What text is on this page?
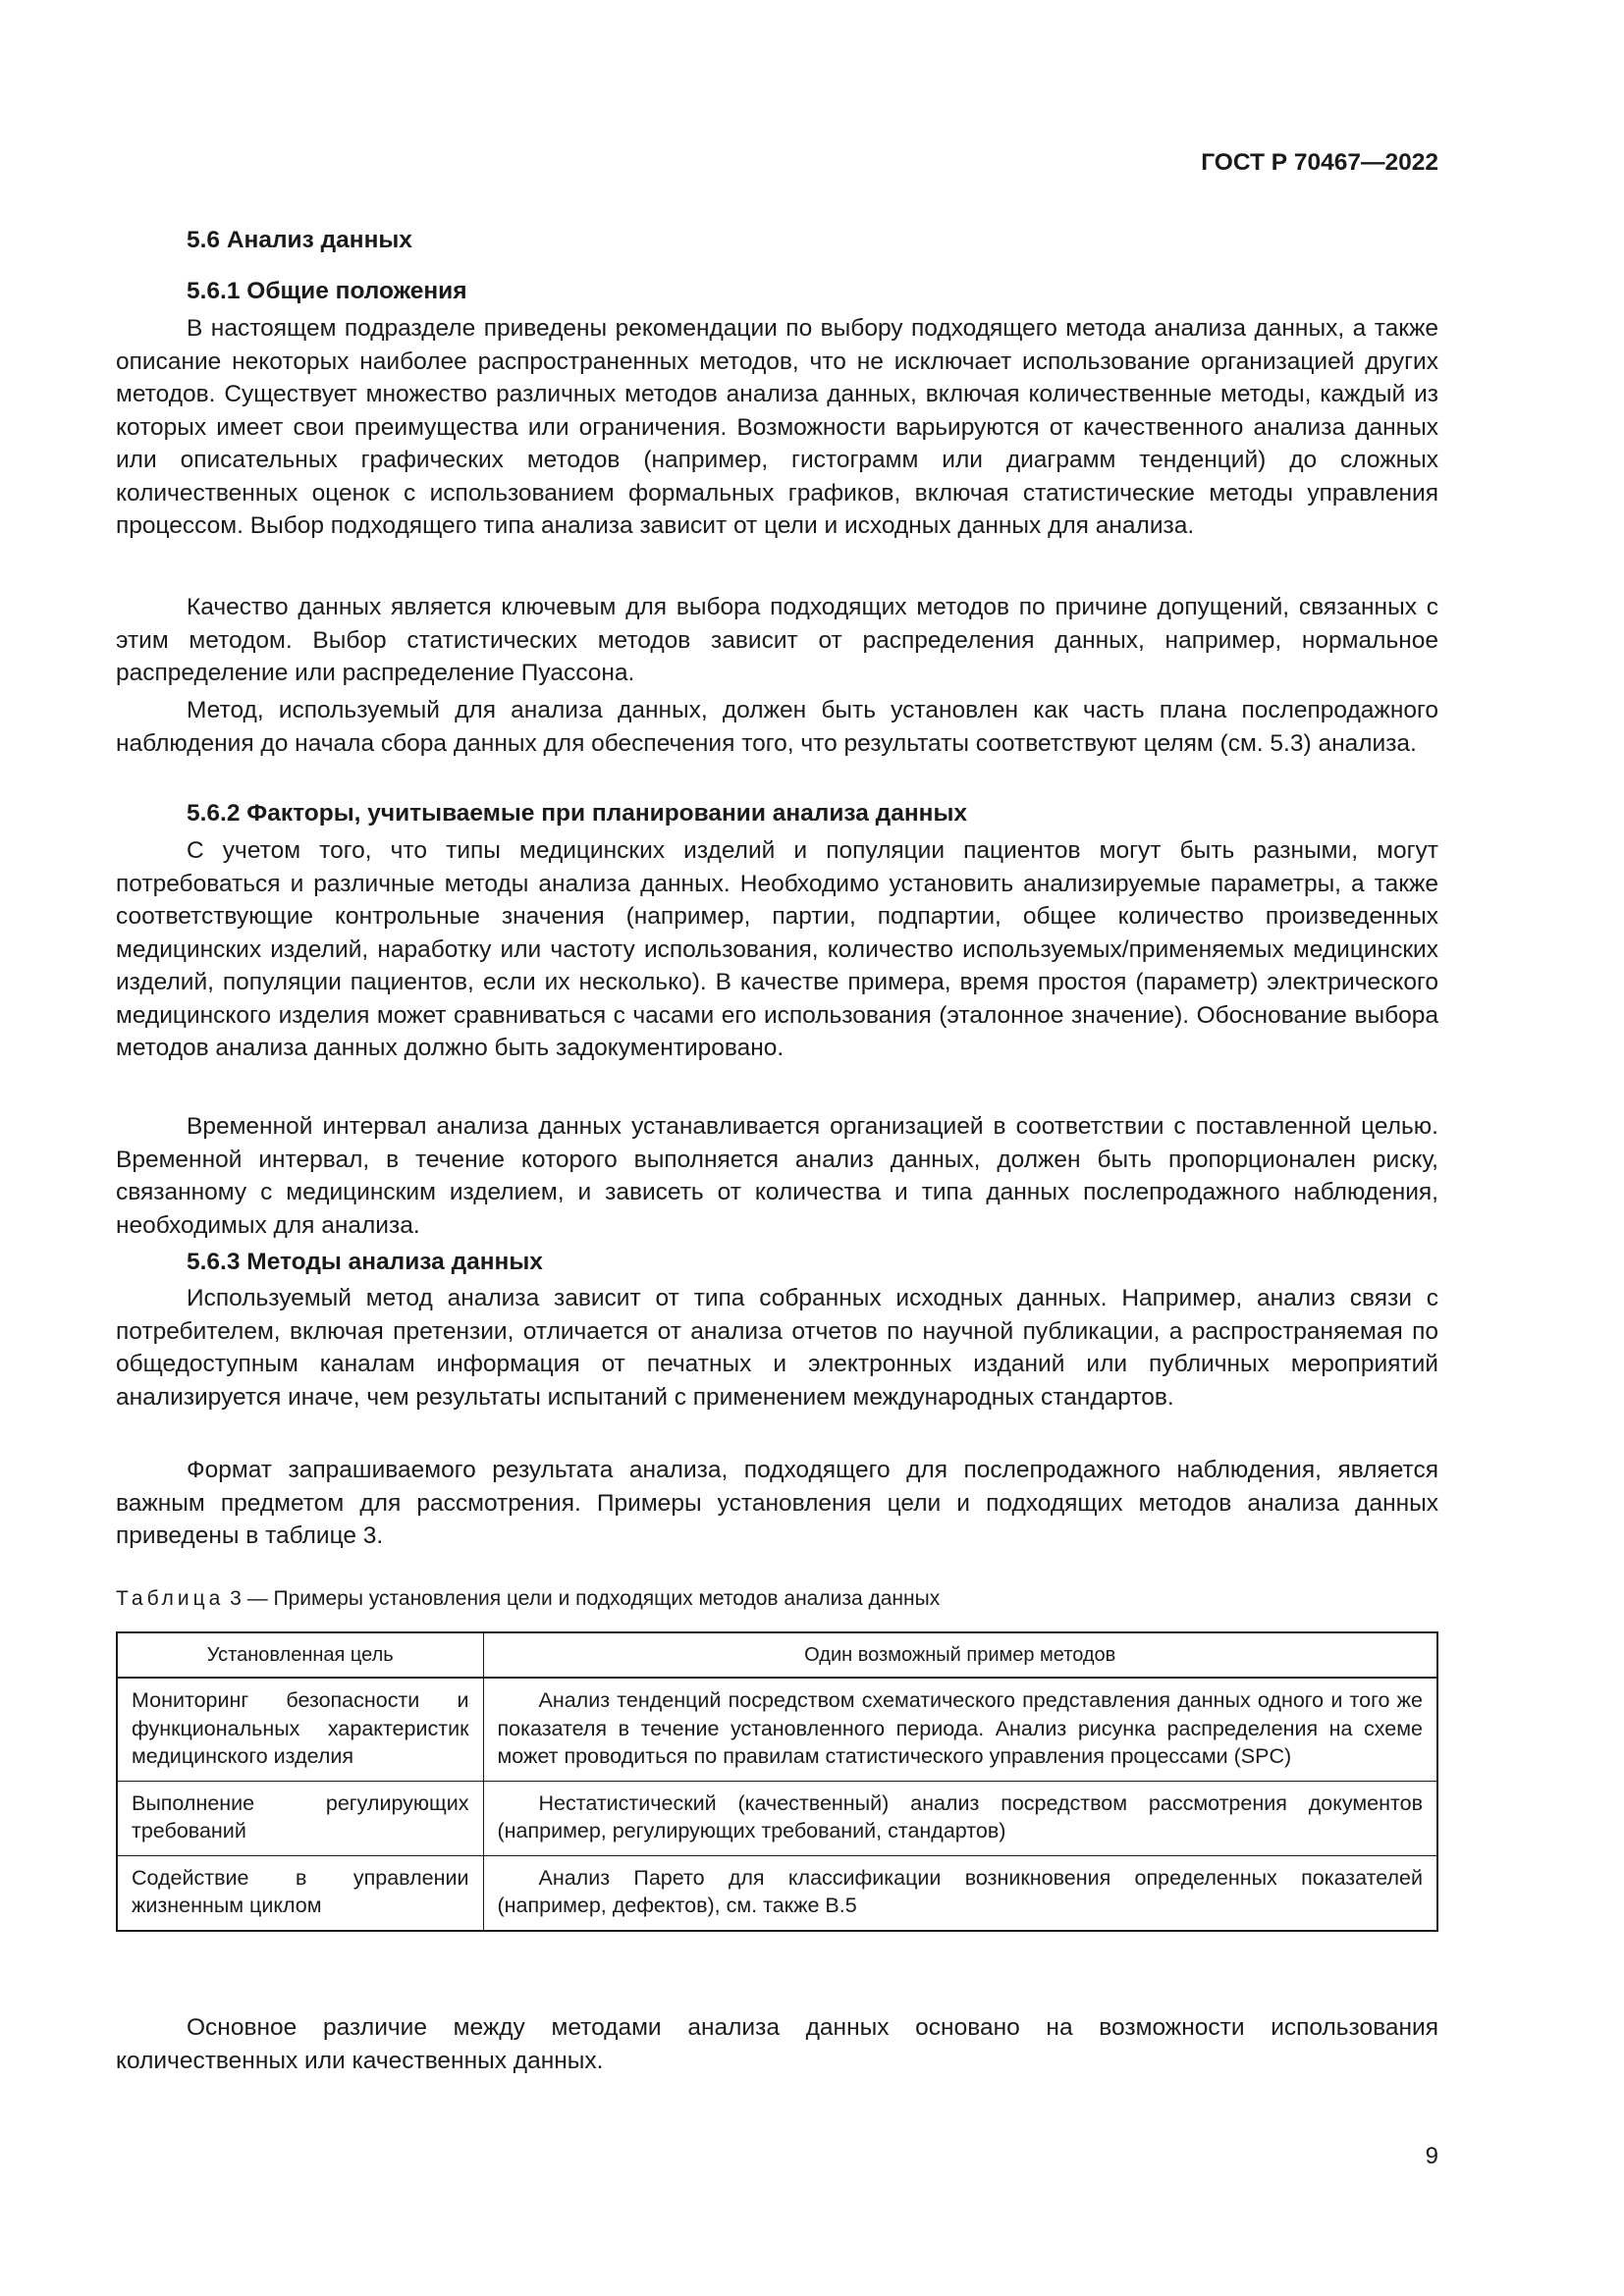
ГОСТ Р 70467—2022
5.6 Анализ данных
5.6.1 Общие положения
В настоящем подразделе приведены рекомендации по выбору подходящего метода анализа данных, а также описание некоторых наиболее распространенных методов, что не исключает использование организацией других методов. Существует множество различных методов анализа данных, включая количественные методы, каждый из которых имеет свои преимущества или ограничения. Возможности варьируются от качественного анализа данных или описательных графических методов (например, гистограмм или диаграмм тенденций) до сложных количественных оценок с использованием формальных графиков, включая статистические методы управления процессом. Выбор подходящего типа анализа зависит от цели и исходных данных для анализа.
Качество данных является ключевым для выбора подходящих методов по причине допущений, связанных с этим методом. Выбор статистических методов зависит от распределения данных, например, нормальное распределение или распределение Пуассона.
Метод, используемый для анализа данных, должен быть установлен как часть плана послепродажного наблюдения до начала сбора данных для обеспечения того, что результаты соответствуют целям (см. 5.3) анализа.
5.6.2 Факторы, учитываемые при планировании анализа данных
С учетом того, что типы медицинских изделий и популяции пациентов могут быть разными, могут потребоваться и различные методы анализа данных. Необходимо установить анализируемые параметры, а также соответствующие контрольные значения (например, партии, подпартии, общее количество произведенных медицинских изделий, наработку или частоту использования, количество используемых/применяемых медицинских изделий, популяции пациентов, если их несколько). В качестве примера, время простоя (параметр) электрического медицинского изделия может сравниваться с часами его использования (эталонное значение). Обоснование выбора методов анализа данных должно быть задокументировано.
Временной интервал анализа данных устанавливается организацией в соответствии с поставленной целью. Временной интервал, в течение которого выполняется анализ данных, должен быть пропорционален риску, связанному с медицинским изделием, и зависеть от количества и типа данных послепродажного наблюдения, необходимых для анализа.
5.6.3 Методы анализа данных
Используемый метод анализа зависит от типа собранных исходных данных. Например, анализ связи с потребителем, включая претензии, отличается от анализа отчетов по научной публикации, а распространяемая по общедоступным каналам информация от печатных и электронных изданий или публичных мероприятий анализируется иначе, чем результаты испытаний с применением международных стандартов.
Формат запрашиваемого результата анализа, подходящего для послепродажного наблюдения, является важным предметом для рассмотрения. Примеры установления цели и подходящих методов анализа данных приведены в таблице 3.
Таблица 3 — Примеры установления цели и подходящих методов анализа данных
Установленная цель	Один возможный пример методов
Мониторинг безопасности и функциональных характеристик медицинского изделия	Анализ тенденций посредством схематического представления данных одного и того же показателя в течение установленного периода. Анализ рисунка распределения на схеме может проводиться по правилам статистического управления процессами (SPC)
Выполнение регулирующих требований	Нестатистический (качественный) анализ посредством рассмотрения документов (например, регулирующих требований, стандартов)
Содействие в управлении жизненным циклом	Анализ Парето для классификации возникновения определенных показателей (например, дефектов), см. также В.5
Основное различие между методами анализа данных основано на возможности использования количественных или качественных данных.
9
